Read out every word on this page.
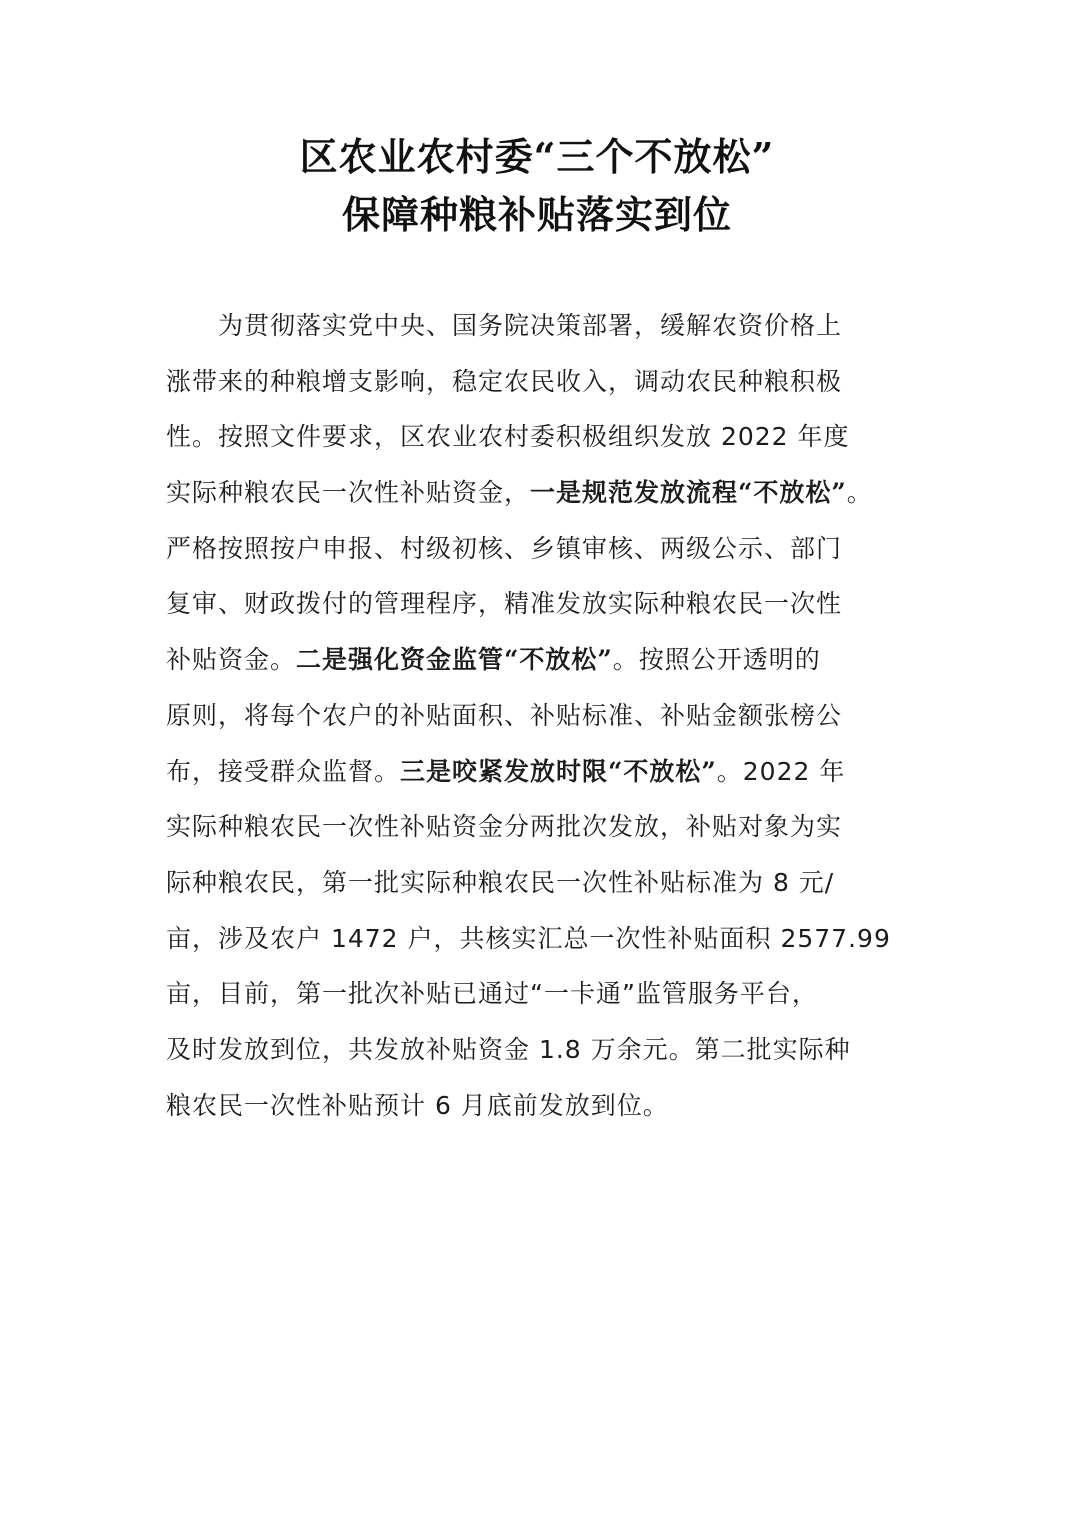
区农业农村委“三个不放松”
保障种粮补贴落实到位
为贯彻落实党中央、国务院决策部署，缓解农资价格上
涨带来的种粮增支影响，稳定农民收入，调动农民种粮积极
性。按照文件要求，区农业农村委积极组织发放 2022 年度
实际种粮农民一次性补贴资金，一是规范发放流程“不放松”。
严格按照按户申报、村级初核、乡镇审核、两级公示、部门
复审、财政拨付的管理程序，精准发放实际种粮农民一次性
补贴资金。二是强化资金监管“不放松”。按照公开透明的
原则，将每个农户的补贴面积、补贴标准、补贴金额张榜公
布，接受群众监督。三是咬紧发放时限“不放松”。2022 年
实际种粮农民一次性补贴资金分两批次发放，补贴对象为实
际种粮农民，第一批实际种粮农民一次性补贴标准为 8 元/
亩，涉及农户 1472 户，共核实汇总一次性补贴面积 2577.99
亩，目前，第一批次补贴已通过“一卡通”监管服务平台，
及时发放到位，共发放补贴资金 1.8 万余元。第二批实际种
粮农民一次性补贴预计 6 月底前发放到位。
